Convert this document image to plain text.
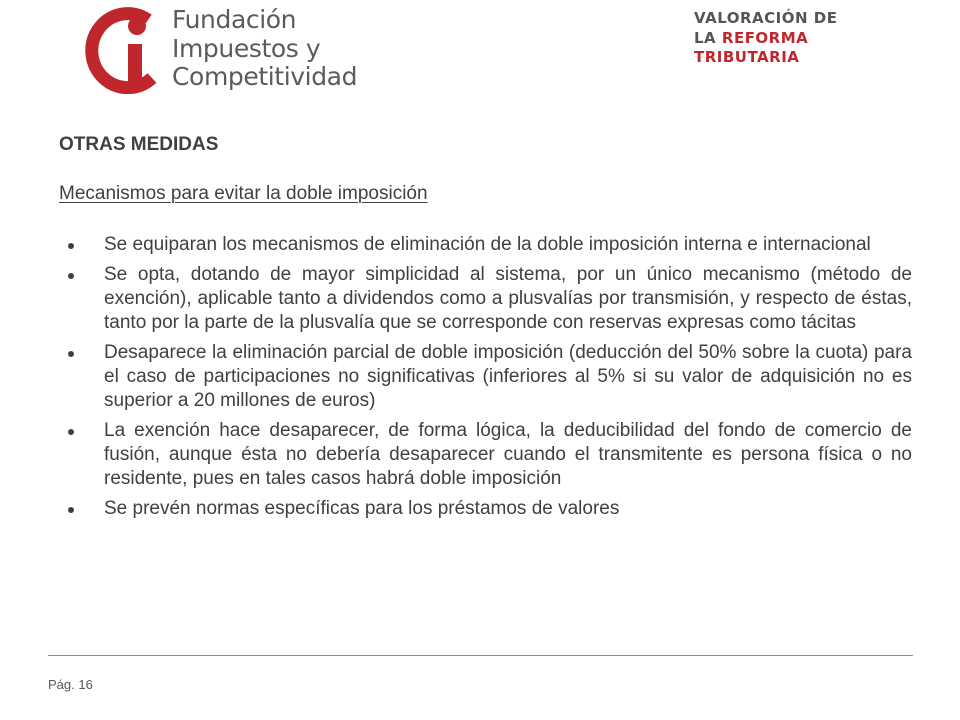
Fundación
Impuestos y
Competitividad
VALORACIÓN DE
LA REFORMA
TRIBUTARIA
OTRAS MEDIDAS
Mecanismos para evitar la doble imposición
Se equiparan los mecanismos de eliminación de la doble imposición interna e internacional
Se opta, dotando de mayor simplicidad al sistema, por un único mecanismo (método de exención), aplicable tanto a dividendos como a plusvalías por transmisión, y respecto de éstas, tanto por la parte de la plusvalía que se corresponde con reservas expresas como tácitas
Desaparece la eliminación parcial de doble imposición (deducción del 50% sobre la cuota) para el caso de participaciones no significativas (inferiores al 5% si su valor de adquisición no es superior a 20 millones de euros)
La exención hace desaparecer, de forma lógica, la deducibilidad del fondo de comercio de fusión, aunque ésta no debería desaparecer cuando el transmitente es persona física o no residente, pues en tales casos habrá doble imposición
Se prevén normas específicas para los préstamos de valores
Pág. 16
